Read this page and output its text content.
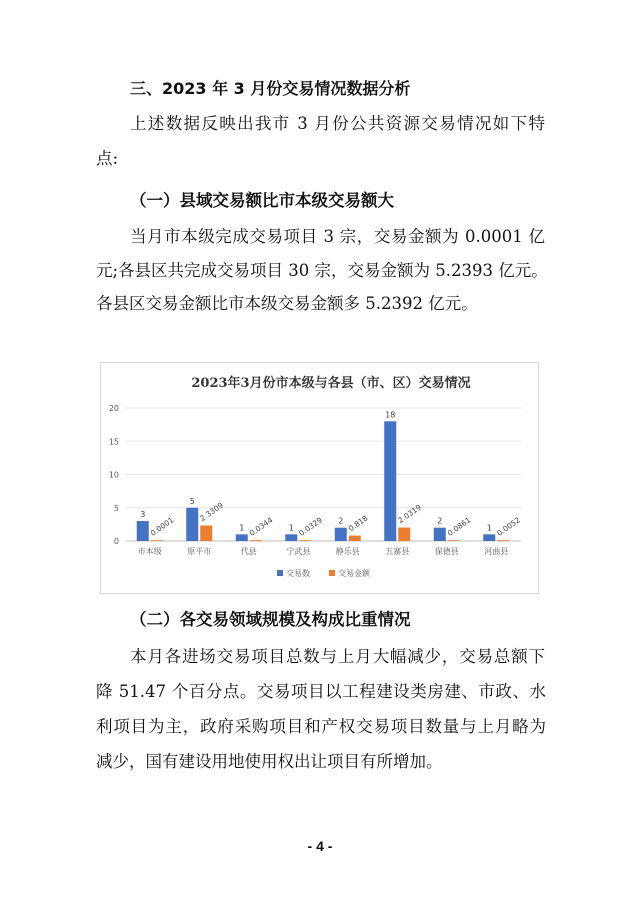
三、2023 年 3 月份交易情况数据分析
上述数据反映出我市 3 月份公共资源交易情况如下特
点:
（一）县域交易额比市本级交易额大
当月市本级完成交易项目 3 宗，交易金额为 0.0001 亿
元;各县区共完成交易项目 30 宗，交易金额为 5.2393 亿元。
各县区交易金额比市本级交易金额多 5.2392 亿元。
2023年3月份市本级与各县（市、区）交易情况
0
5
10
15
20
3
0.0001
市本级
5 2.3309
原平市
1 0.0344
代县
1 0.0329
宁武县
2 0.818
静乐县
18
2.0319
五寨县
2 0.0861
保德县
1 0.0052
河曲县
交易数	交易金额
（二）各交易领域规模及构成比重情况
本月各进场交易项目总数与上月大幅减少，交易总额下
降 51.47 个百分点。交易项目以工程建设类房建、市政、水
利项目为主，政府采购项目和产权交易项目数量与上月略为
减少，国有建设用地使用权出让项目有所增加。
- 4 -
